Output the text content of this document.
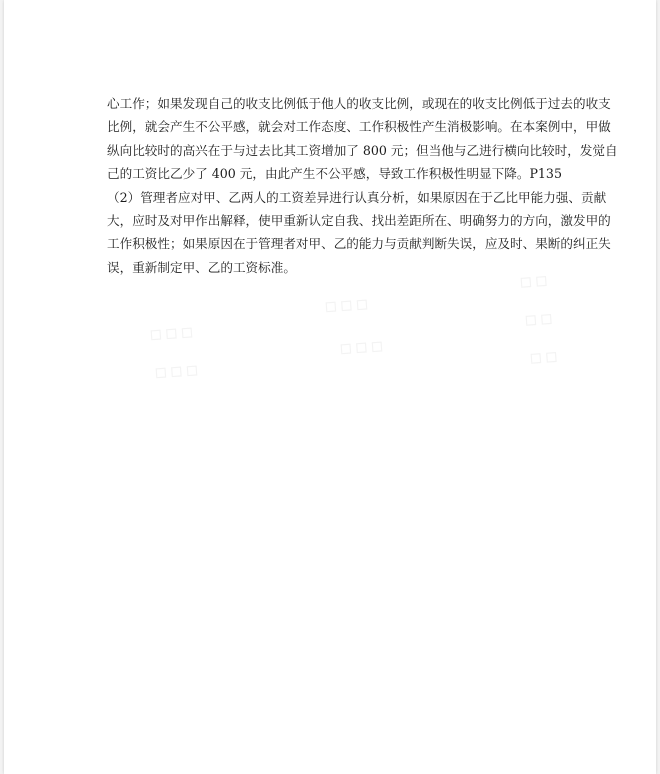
▫▫▫
▫▫▫
▫▫▫
▫▫▫
▫▫
▫▫
▫▫
心工作；如果发现自己的收支比例低于他人的收支比例，或现在的收支比例低于过去的收支
比例，就会产生不公平感，就会对工作态度、工作积极性产生消极影响。在本案例中，甲做
纵向比较时的高兴在于与过去比其工资增加了 800 元；但当他与乙进行横向比较时，发觉自
己的工资比乙少了 400 元，由此产生不公平感，导致工作积极性明显下降。P135
（2）管理者应对甲、乙两人的工资差异进行认真分析，如果原因在于乙比甲能力强、贡献
大，应时及对甲作出解释，使甲重新认定自我、找出差距所在、明确努力的方向，激发甲的
工作积极性；如果原因在于管理者对甲、乙的能力与贡献判断失误，应及时、果断的纠正失
误，重新制定甲、乙的工资标准。
